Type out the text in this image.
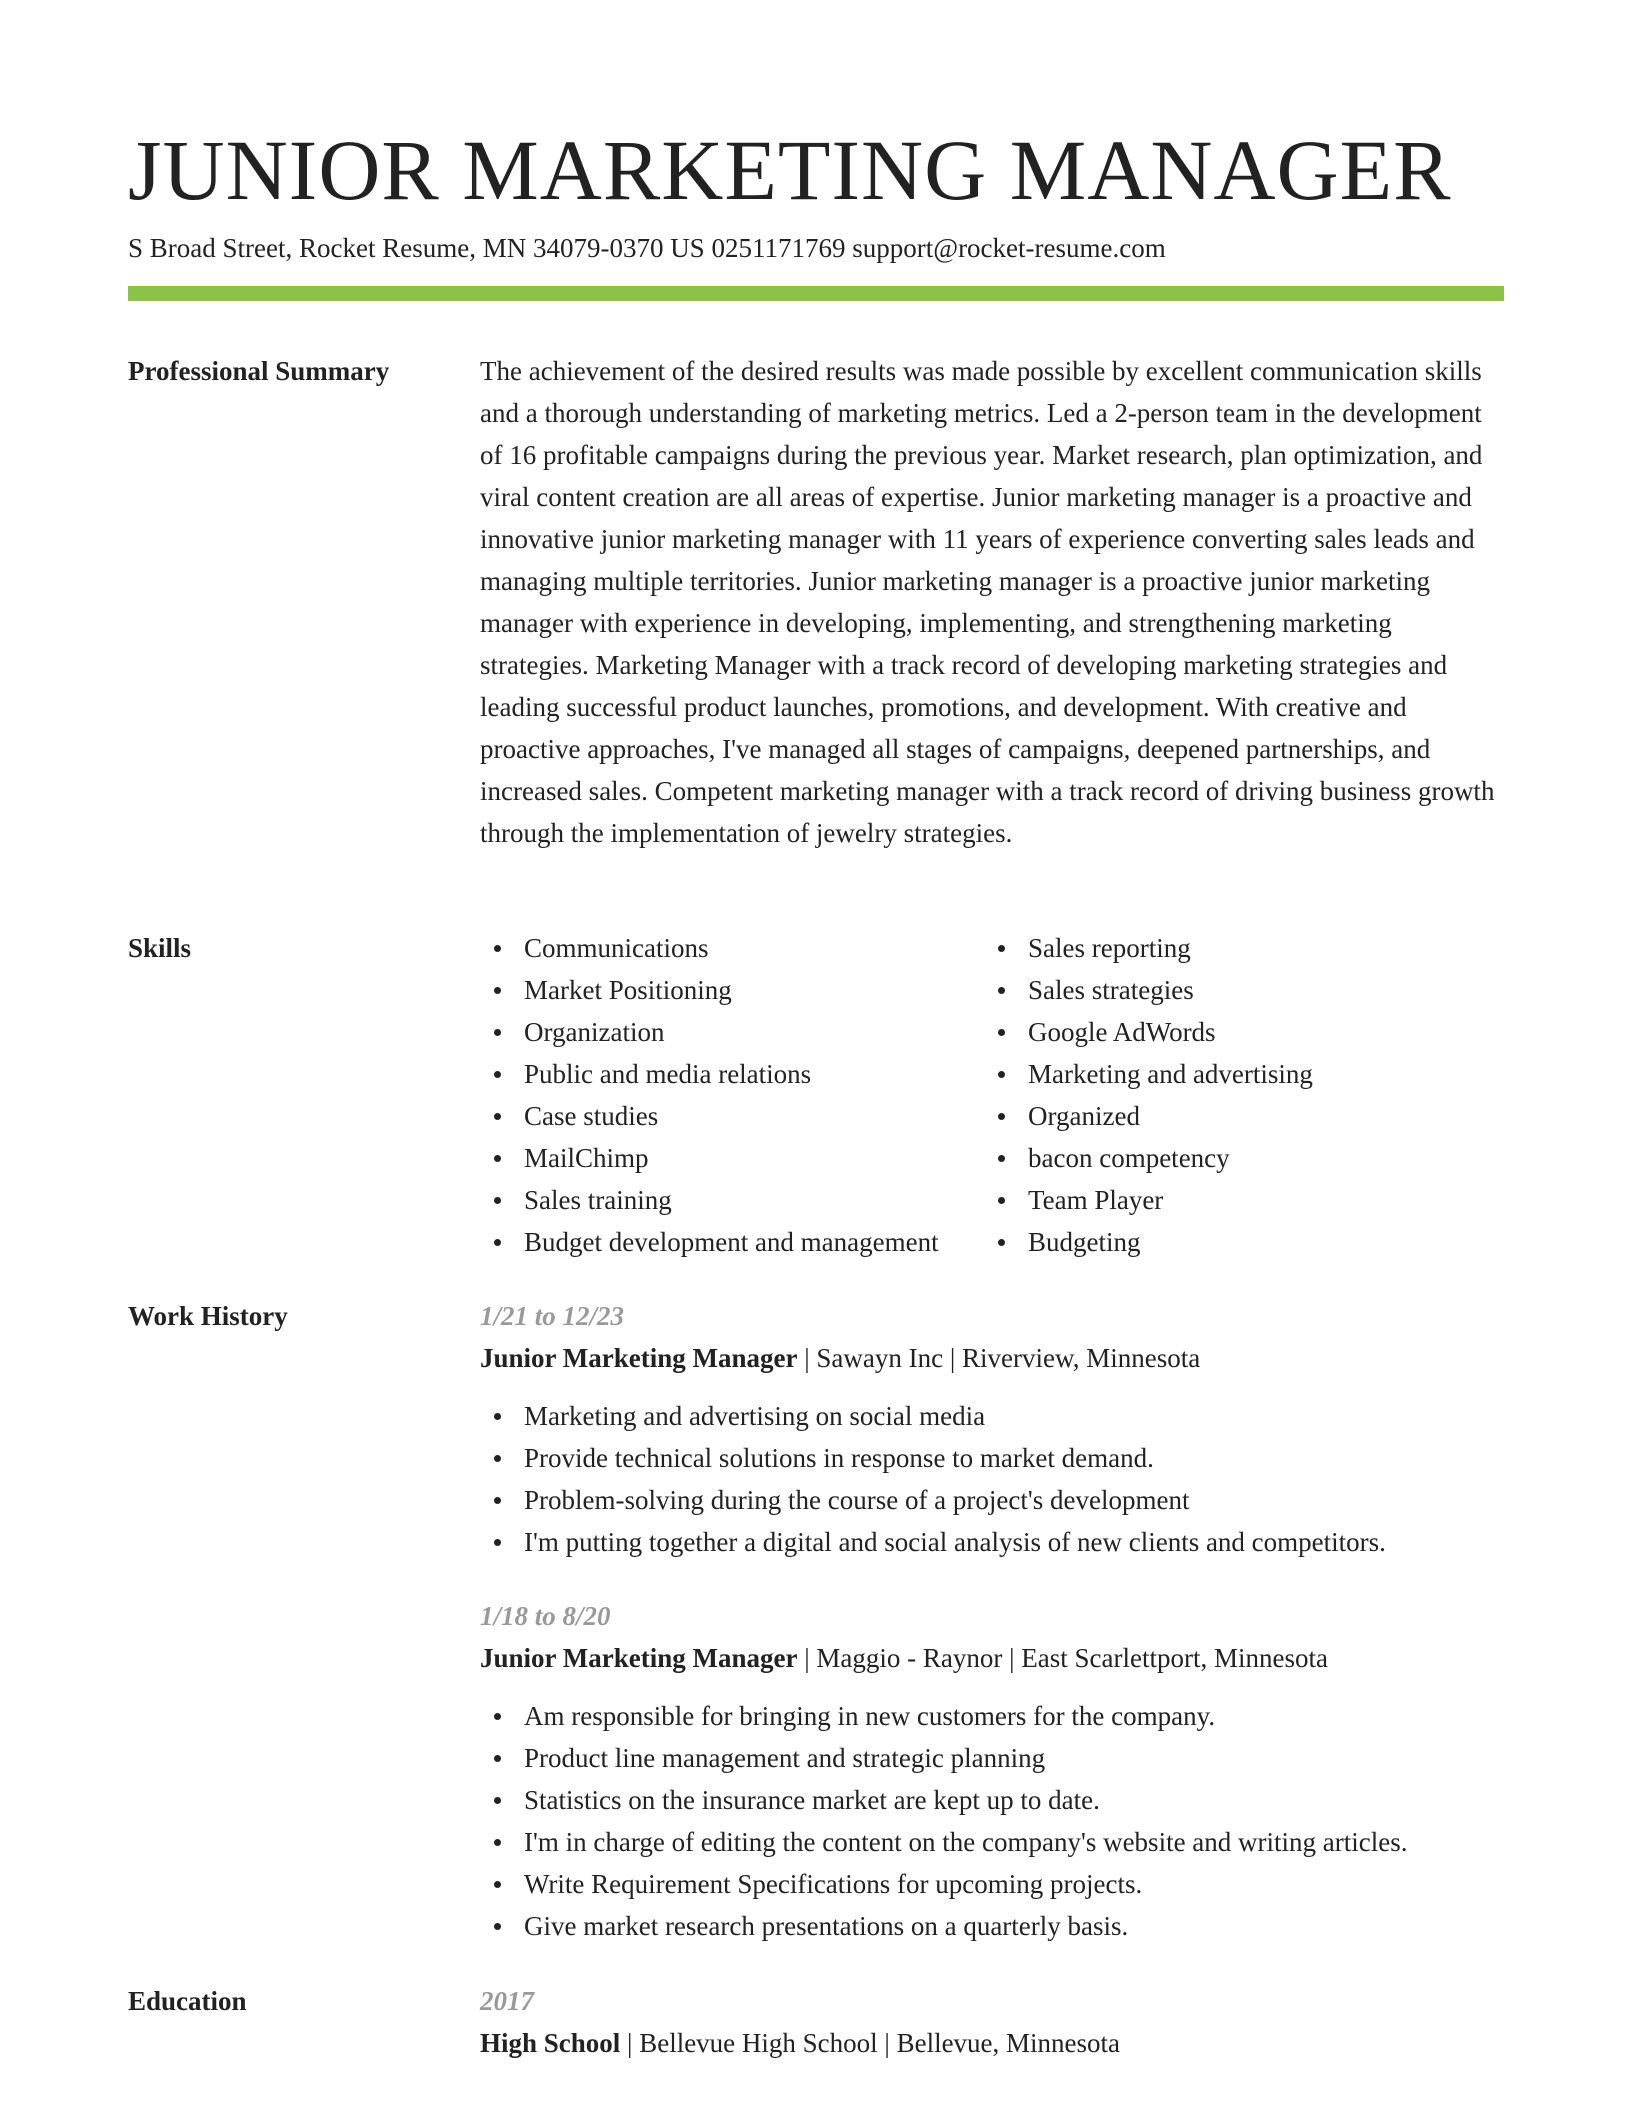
JUNIOR MARKETING MANAGER
S Broad Street, Rocket Resume, MN 34079-0370 US 0251171769 support@rocket-resume.com
Professional Summary	The achievement of the desired results was made possible by excellent communication skills and a thorough understanding of marketing metrics. Led a 2-person team in the development of 16 profitable campaigns during the previous year. Market research, plan optimization, and viral content creation are all areas of expertise. Junior marketing manager is a proactive and innovative junior marketing manager with 11 years of experience converting sales leads and managing multiple territories. Junior marketing manager is a proactive junior marketing manager with experience in developing, implementing, and strengthening marketing strategies. Marketing Manager with a track record of developing marketing strategies and leading successful product launches, promotions, and development. With creative and proactive approaches, I've managed all stages of campaigns, deepened partnerships, and increased sales. Competent marketing manager with a track record of driving business growth through the implementation of jewelry strategies.

Skills	Communications
Market Positioning
Organization
Public and media relations
Case studies
MailChimp
Sales training
Budget development and management
Sales reporting
Sales strategies
Google AdWords
Marketing and advertising
Organized
bacon competency
Team Player
Budgeting
Work History	1/21 to 12/23
Junior Marketing Manager | Sawayn Inc | Riverview, Minnesota
Marketing and advertising on social media
Provide technical solutions in response to market demand.
Problem-solving during the course of a project's development
I'm putting together a digital and social analysis of new clients and competitors.
1/18 to 8/20
Junior Marketing Manager | Maggio - Raynor | East Scarlettport, Minnesota
Am responsible for bringing in new customers for the company.
Product line management and strategic planning
Statistics on the insurance market are kept up to date.
I'm in charge of editing the content on the company's website and writing articles.
Write Requirement Specifications for upcoming projects.
Give market research presentations on a quarterly basis.
Education	2017
High School | Bellevue High School | Bellevue, Minnesota
